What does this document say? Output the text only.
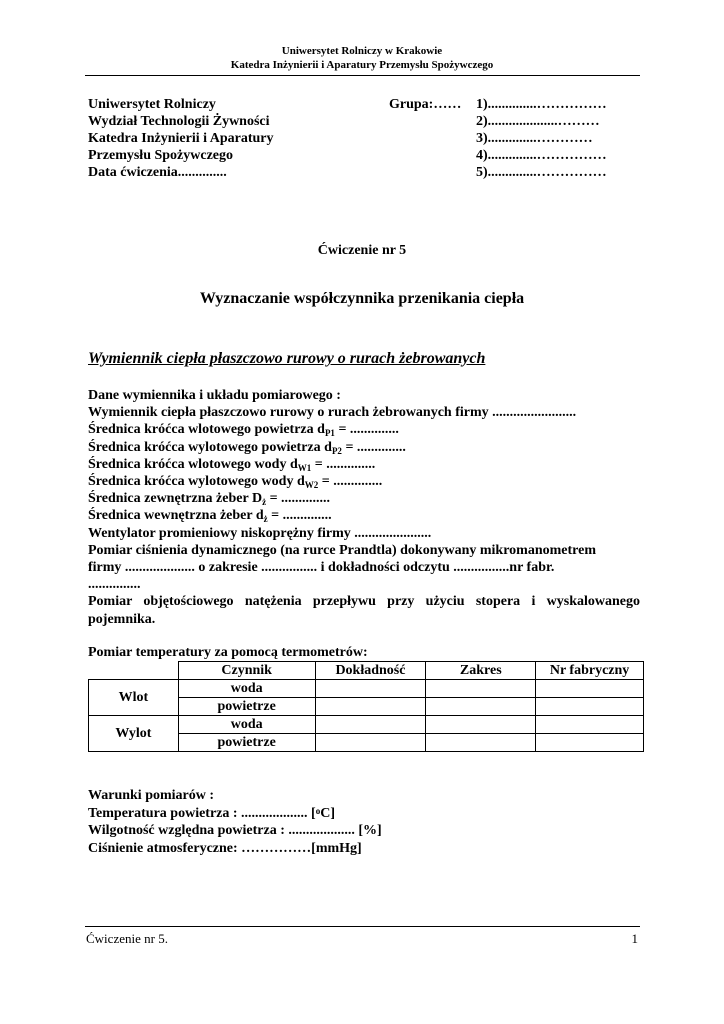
Uniwersytet Rolniczy w Krakowie
Katedra Inżynierii i Aparatury Przemysłu Spożywczego
Uniwersytet Rolniczy
Wydział Technologii Żywności
Katedra Inżynierii i Aparatury
Przemysłu Spożywczego
Data ćwiczenia..............
Grupa:…… 1)..............……………
2)....................………
3)..............…………
4)..............……………
5)..............……………
Ćwiczenie nr 5
Wyznaczanie współczynnika przenikania ciepła
Wymiennik ciepła płaszczowo rurowy o rurach żebrowanych
Dane wymiennika i układu pomiarowego :
Wymiennik ciepła płaszczowo rurowy o rurach żebrowanych firmy ........................
Średnica króćca wlotowego powietrza $d_{P1}$ = ..............
Średnica króćca wylotowego powietrza $d_{P2}$ = ..............
Średnica króćca wlotowego wody $d_{W1}$ = ..............
Średnica króćca wylotowego wody $d_{W2}$ = ..............
Średnica zewnętrzna żeber $D_ż$ = ..............
Średnica wewnętrzna żeber $d_ż$ = ..............
Wentylator promieniowy niskoprężny firmy ......................
Pomiar ciśnienia dynamicznego (na rurce Prandtla) dokonywany mikromanometrem
firmy .................... o zakresie ................ i dokładności odczytu ................nr fabr.
...............
Pomiar objętościowego natężenia przepływu przy użyciu stopera i wyskalowanego
pojemnika.
Pomiar temperatury za pomocą termometrów:
	Czynnik	Dokładność	Zakres	Nr fabryczny
Wlot	woda			
	powietrze			
Wylot	woda			
	powietrze			
Warunki pomiarów :
Temperatura powietrza : ................... [$^o$C]
Wilgotność względna powietrza : ................... [%]
Ciśnienie atmosferyczne: ……………[mmHg]
Ćwiczenie nr 5.	1
